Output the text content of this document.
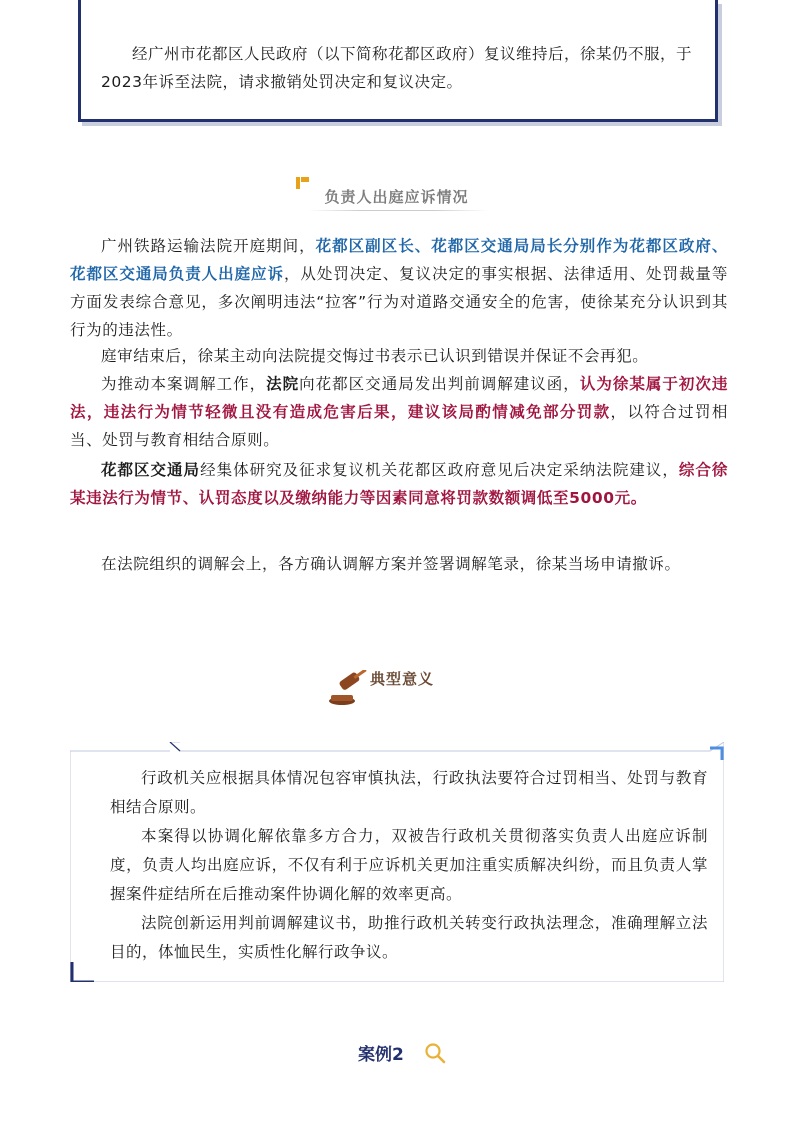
经广州市花都区人民政府（以下简称花都区政府）复议维持后，徐某仍不服，于2023年诉至法院，请求撤销处罚决定和复议决定。

负责人出庭应诉情况

广州铁路运输法院开庭期间，花都区副区长、花都区交通局局长分别作为花都区政府、花都区交通局负责人出庭应诉，从处罚决定、复议决定的事实根据、法律适用、处罚裁量等方面发表综合意见，多次阐明违法“拉客”行为对道路交通安全的危害，使徐某充分认识到其行为的违法性。

庭审结束后，徐某主动向法院提交悔过书表示已认识到错误并保证不会再犯。

为推动本案调解工作，法院向花都区交通局发出判前调解建议函，认为徐某属于初次违法，违法行为情节轻微且没有造成危害后果，建议该局酌情减免部分罚款，以符合过罚相当、处罚与教育相结合原则。

花都区交通局经集体研究及征求复议机关花都区政府意见后决定采纳法院建议，综合徐某违法行为情节、认罚态度以及缴纳能力等因素同意将罚款数额调低至5000元。

在法院组织的调解会上，各方确认调解方案并签署调解笔录，徐某当场申请撤诉。

典型意义

行政机关应根据具体情况包容审慎执法，行政执法要符合过罚相当、处罚与教育相结合原则。

本案得以协调化解依靠多方合力，双被告行政机关贯彻落实负责人出庭应诉制度，负责人均出庭应诉，不仅有利于应诉机关更加注重实质解决纠纷，而且负责人掌握案件症结所在后推动案件协调化解的效率更高。

法院创新运用判前调解建议书，助推行政机关转变行政执法理念，准确理解立法目的，体恤民生，实质性化解行政争议。

案例2
